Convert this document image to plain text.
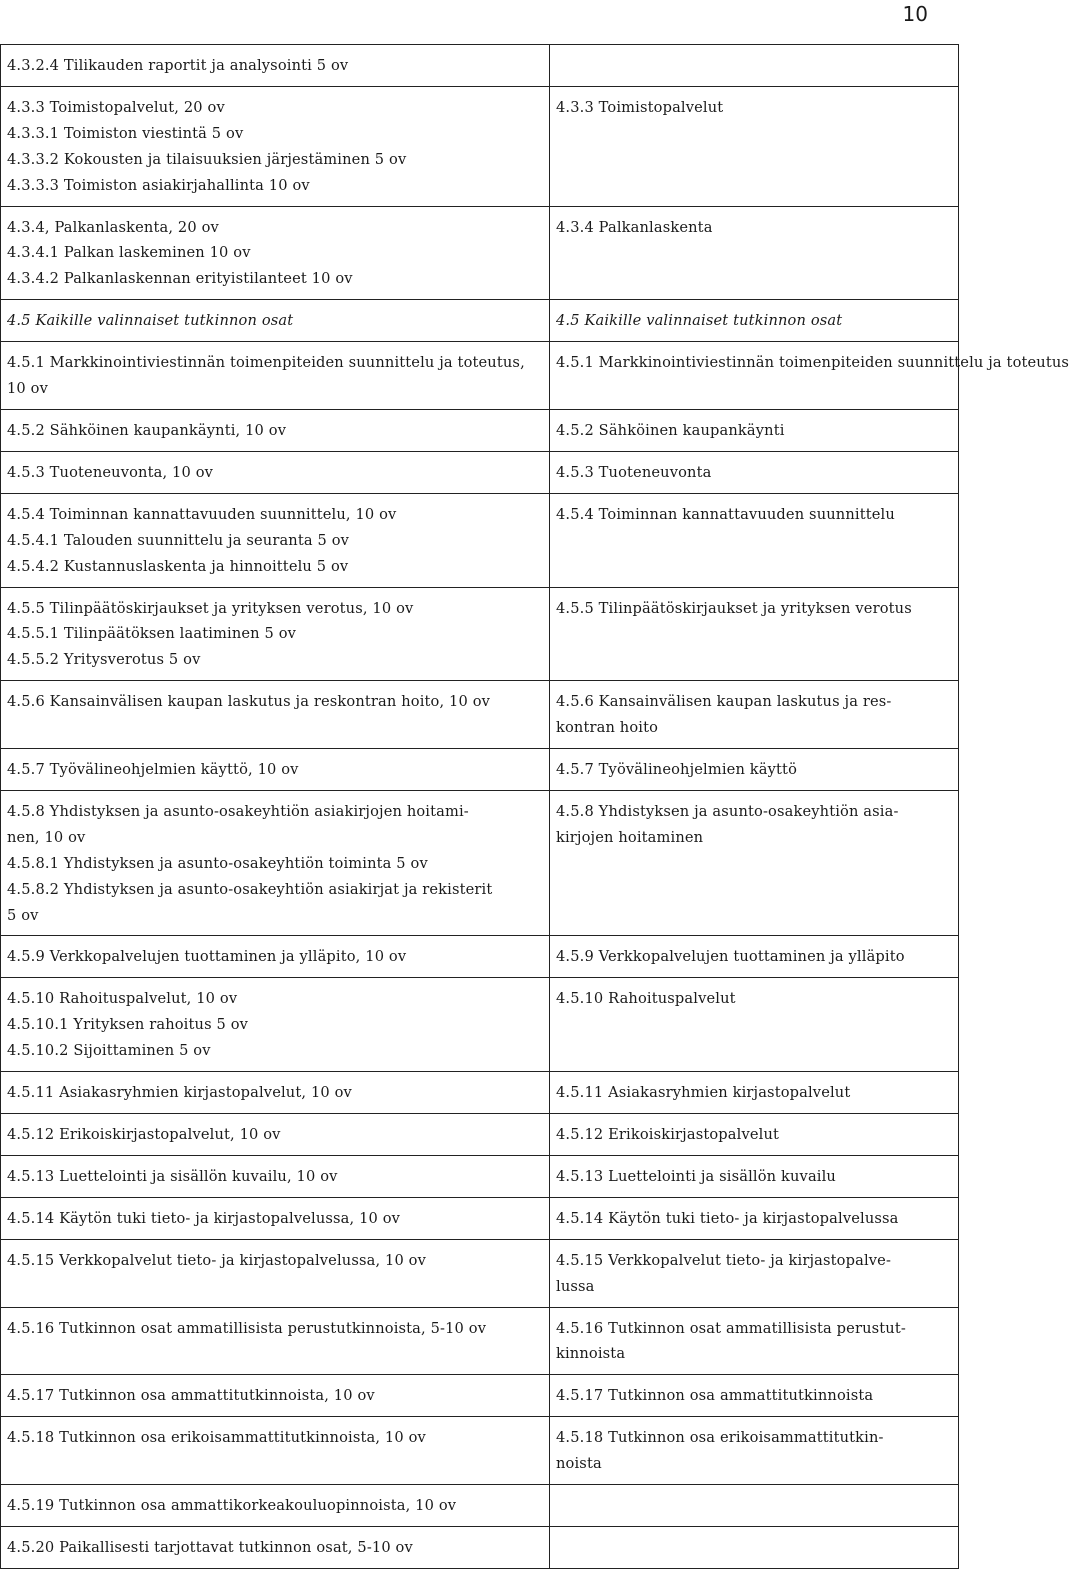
10
4.3.2.4 Tilikauden raportit ja analysointi 5 ov	

4.3.3 Toimistopalvelut, 20 ov
4.3.3.1 Toimiston viestintä 5 ov
4.3.3.2 Kokousten ja tilaisuuksien järjestäminen 5 ov
4.3.3.3 Toimiston asiakirjahallinta 10 ov	4.3.3 Toimistopalvelut

4.3.4, Palkanlaskenta, 20 ov
4.3.4.1 Palkan laskeminen 10 ov
4.3.4.2 Palkanlaskennan erityistilanteet 10 ov	4.3.4 Palkanlaskenta

4.5 Kaikille valinnaiset tutkinnon osat	4.5 Kaikille valinnaiset tutkinnon osat

4.5.1 Markkinointiviestinnän toimenpiteiden suunnittelu ja toteutus, 10 ov	4.5.1 Markkinointiviestinnän toimenpiteiden suunnittelu ja toteutus

4.5.2 Sähköinen kaupankäynti, 10 ov	4.5.2 Sähköinen kaupankäynti

4.5.3 Tuoteneuvonta, 10 ov	4.5.3 Tuoteneuvonta

4.5.4 Toiminnan kannattavuuden suunnittelu, 10 ov
4.5.4.1 Talouden suunnittelu ja seuranta 5 ov
4.5.4.2 Kustannuslaskenta ja hinnoittelu 5 ov	4.5.4 Toiminnan kannattavuuden suunnittelu

4.5.5 Tilinpäätöskirjaukset ja yrityksen verotus, 10 ov
4.5.5.1 Tilinpäätöksen laatiminen 5 ov
4.5.5.2 Yritysverotus 5 ov	4.5.5 Tilinpäätöskirjaukset ja yrityksen verotus

4.5.6 Kansainvälisen kaupan laskutus ja reskontran hoito, 10 ov	4.5.6 Kansainvälisen kaupan laskutus ja res-
kontran hoito

4.5.7 Työvälineohjelmien käyttö, 10 ov	4.5.7 Työvälineohjelmien käyttö

4.5.8 Yhdistyksen ja asunto-osakeyhtiön asiakirjojen hoitami-
nen, 10 ov
4.5.8.1 Yhdistyksen ja asunto-osakeyhtiön toiminta 5 ov
4.5.8.2 Yhdistyksen ja asunto-osakeyhtiön asiakirjat ja rekisterit
5 ov	4.5.8 Yhdistyksen ja asunto-osakeyhtiön asia-
kirjojen hoitaminen

4.5.9 Verkkopalvelujen tuottaminen ja ylläpito, 10 ov	4.5.9 Verkkopalvelujen tuottaminen ja ylläpito

4.5.10 Rahoituspalvelut, 10 ov
4.5.10.1 Yrityksen rahoitus 5 ov
4.5.10.2 Sijoittaminen 5 ov	4.5.10 Rahoituspalvelut

4.5.11 Asiakasryhmien kirjastopalvelut, 10 ov	4.5.11 Asiakasryhmien kirjastopalvelut

4.5.12 Erikoiskirjastopalvelut, 10 ov	4.5.12 Erikoiskirjastopalvelut

4.5.13 Luettelointi ja sisällön kuvailu, 10 ov	4.5.13 Luettelointi ja sisällön kuvailu

4.5.14 Käytön tuki tieto- ja kirjastopalvelussa, 10 ov	4.5.14 Käytön tuki tieto- ja kirjastopalvelussa

4.5.15 Verkkopalvelut tieto- ja kirjastopalvelussa, 10 ov	4.5.15 Verkkopalvelut tieto- ja kirjastopalve-
lussa

4.5.16 Tutkinnon osat ammatillisista perustutkinnoista, 5-10 ov	4.5.16 Tutkinnon osat ammatillisista perustut-
kinnoista

4.5.17 Tutkinnon osa ammattitutkinnoista, 10 ov	4.5.17 Tutkinnon osa ammattitutkinnoista

4.5.18 Tutkinnon osa erikoisammattitutkinnoista, 10 ov	4.5.18 Tutkinnon osa erikoisammattitutkin-
noista

4.5.19 Tutkinnon osa ammattikorkeakouluopinnoista, 10 ov	

4.5.20 Paikallisesti tarjottavat tutkinnon osat, 5-10 ov	
